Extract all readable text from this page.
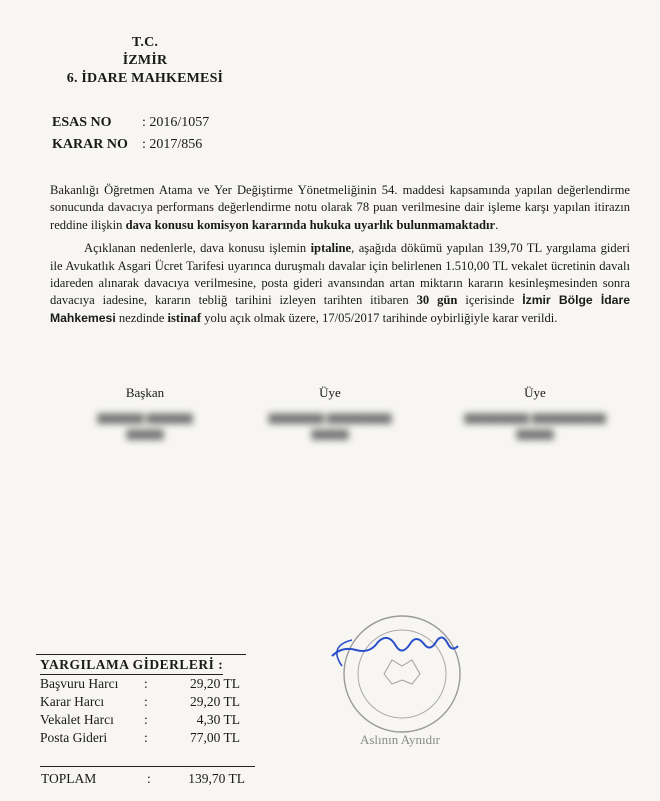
T.C.
İZMİR
6. İDARE MAHKEMESİ
ESAS NO : 2016/1057
KARAR NO : 2017/856

Bakanlığı Öğretmen Atama ve Yer Değiştirme Yönetmeliğinin 54. maddesi kapsamında yapılan değerlendirme sonucunda davacıya performans değerlendirme notu olarak 78 puan verilmesine dair işleme karşı yapılan itirazın reddine ilişkin dava konusu komisyon kararında hukuka uyarlık bulunmamaktadır.

Açıklanan nedenlerle, dava konusu işlemin iptaline, aşağıda dökümü yapılan 139,70 TL yargılama gideri ile Avukatlık Asgari Ücret Tarifesi uyarınca duruşmalı davalar için belirlenen 1.510,00 TL vekalet ücretinin davalı idareden alınarak davacıya verilmesine, posta gideri avansından artan miktarın kararın kesinleşmesinden sonra davacıya iadesine, kararın tebliğ tarihini izleyen tarihten itibaren 30 gün içerisinde İzmir Bölge İdare Mahkemesi nezdinde istinaf yolu açık olmak üzere, 17/05/2017 tarihinde oybirliğiyle karar verildi.

Başkan
▆▆▆▆▆ ▆▆▆▆▆
▆▆▆▆
Üye
▆▆▆▆▆▆ ▆▆▆▆▆▆▆
▆▆▆▆
Üye
▆▆▆▆▆▆▆ ▆▆▆▆▆▆▆▆
▆▆▆▆
Aslının Aynıdır
YARGILAMA GİDERLERİ :
Başvuru Harcı	:	29,20 TL
Karar Harcı	:	29,20 TL
Vekalet Harcı	:	4,30 TL
Posta Gideri	:	77,00 TL
TOPLAM	:	139,70 TL
